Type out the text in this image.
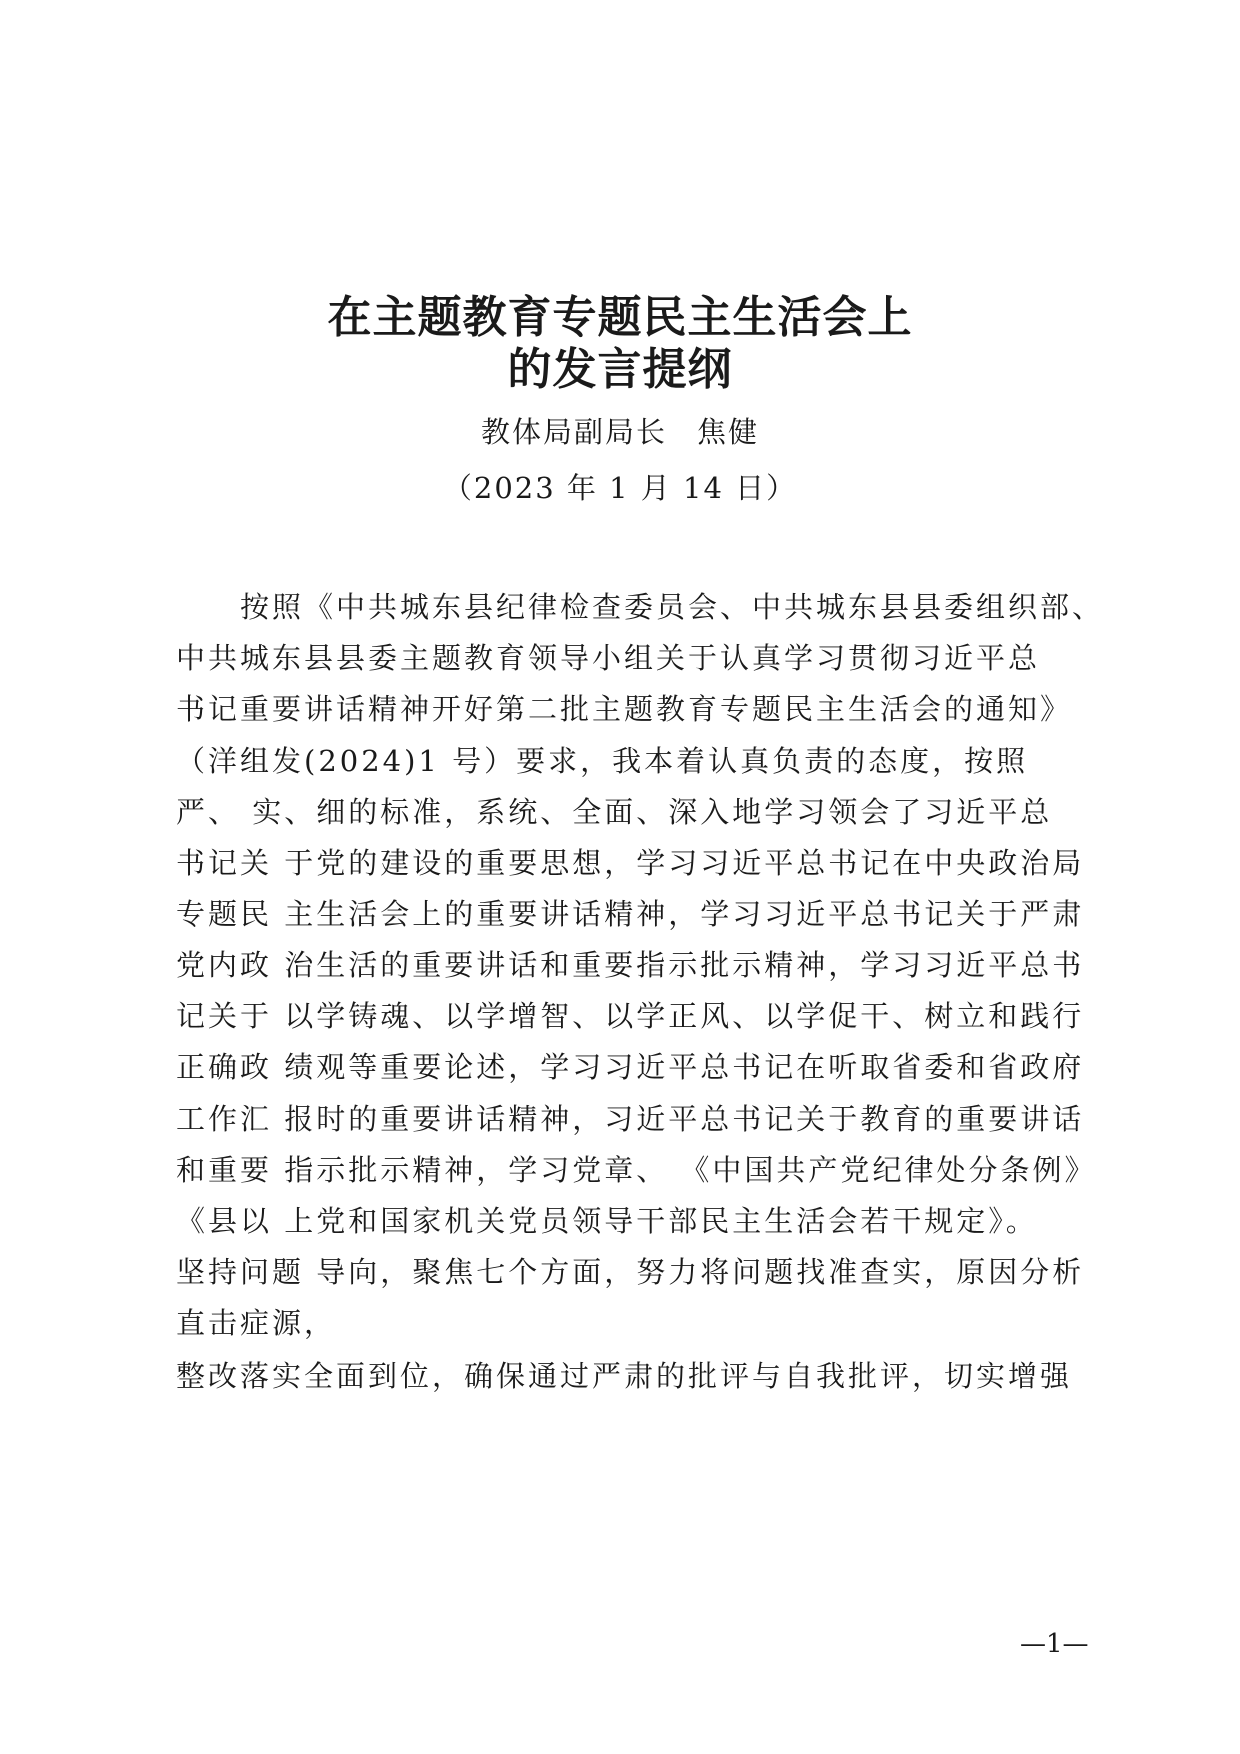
在主题教育专题民主生活会上
的发言提纲
教体局副局长 焦健
（2023 年 1 月 14 日）
　　按照《中共城东县纪律检查委员会、中共城东县县委组织部、
中共城东县县委主题教育领导小组关于认真学习贯彻习近平总
书记重要讲话精神开好第二批主题教育专题民主生活会的通知》
（洋组发(2024)1 号）要求，我本着认真负责的态度，按照
严、 实、细的标准，系统、全面、深入地学习领会了习近平总
书记关 于党的建设的重要思想，学习习近平总书记在中央政治局
专题民 主生活会上的重要讲话精神，学习习近平总书记关于严肃
党内政 治生活的重要讲话和重要指示批示精神，学习习近平总书
记关于 以学铸魂、以学增智、以学正风、以学促干、树立和践行
正确政 绩观等重要论述，学习习近平总书记在听取省委和省政府
工作汇 报时的重要讲话精神，习近平总书记关于教育的重要讲话
和重要 指示批示精神，学习党章、 《中国共产党纪律处分条例》
《县以 上党和国家机关党员领导干部民主生活会若干规定》。
坚持问题 导向，聚焦七个方面，努力将问题找准查实，原因分析
直击症源，
整改落实全面到位，确保通过严肃的批评与自我批评，切实增强
—1—
